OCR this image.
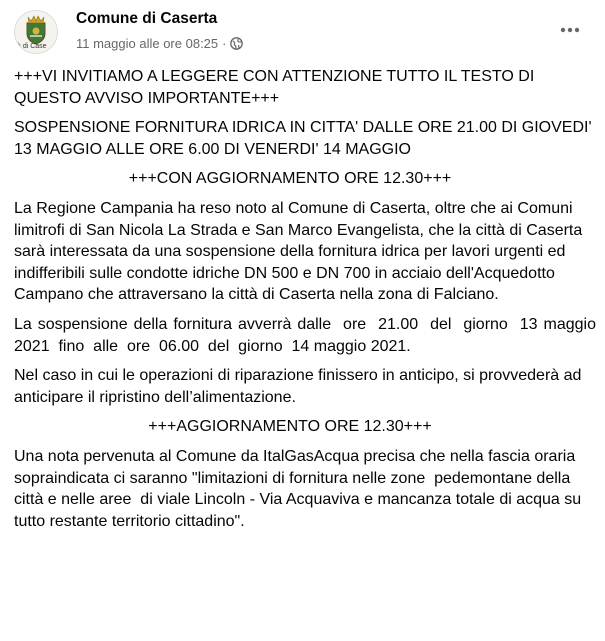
à di Case
Comune di Caserta
11 maggio alle ore 08:25 ·

+++VI INVITIAMO A LEGGERE CON ATTENZIONE TUTTO IL TESTO DI QUESTO AVVISO IMPORTANTE+++

SOSPENSIONE FORNITURA IDRICA IN CITTA' DALLE ORE 21.00 DI GIOVEDI' 13 MAGGIO ALLE ORE 6.00 DI VENERDI' 14 MAGGIO

+++CON AGGIORNAMENTO ORE 12.30+++

La Regione Campania ha reso noto al Comune di Caserta, oltre che ai Comuni limitrofi di San Nicola La Strada e San Marco Evangelista, che la città di Caserta sarà interessata da una sospensione della fornitura idrica per lavori urgenti ed indifferibili sulle condotte idriche DN 500 e DN 700 in acciaio dell'Acquedotto Campano che attraversano la città di Caserta nella zona di Falciano.

La sospensione della fornitura avverrà dalle  ore  21.00  del  giorno  13 maggio  2021  fino  alle  ore  06.00  del  giorno  14 maggio 2021.

Nel caso in cui le operazioni di riparazione finissero in anticipo, si provvederà ad anticipare il ripristino dell’alimentazione.

+++AGGIORNAMENTO ORE 12.30+++

Una nota pervenuta al Comune da ItalGasAcqua precisa che nella fascia oraria sopraindicata ci saranno "limitazioni di fornitura nelle zone  pedemontane della città e nelle aree  di viale Lincoln - Via Acquaviva e mancanza totale di acqua su tutto restante territorio cittadino".
